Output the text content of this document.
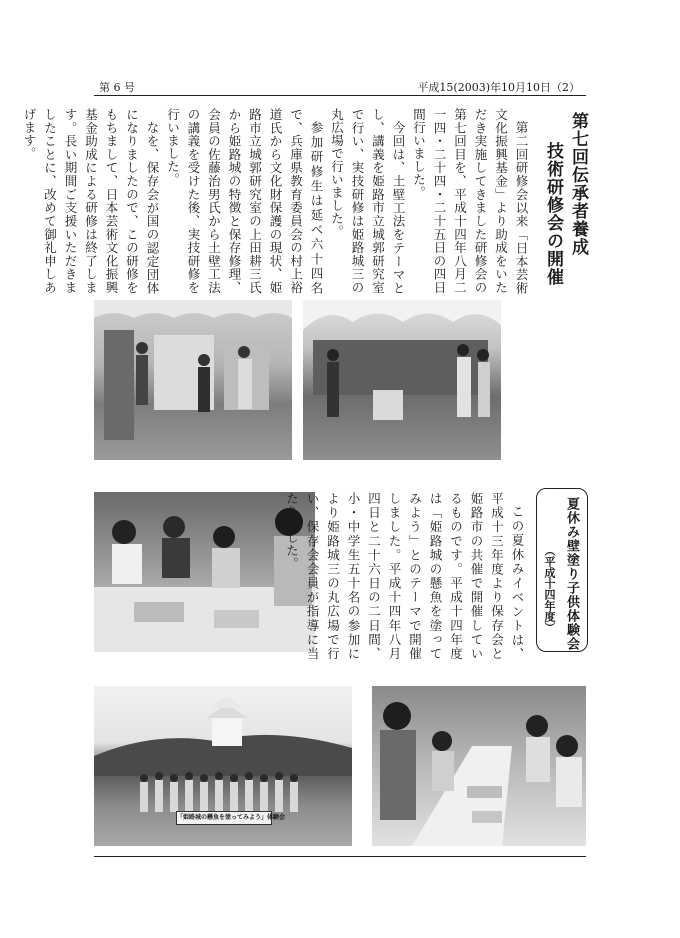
第 6 号	平成15(2003)年10月10日（2）
第七回伝承者養成
技術研修会の開催

第二回研修会以来「日本芸術文化振興基金」より助成をいただき実施してきました研修会の第七回目を、平成十四年八月二一四・二十四・二十五日の四日間行いました。

今回は、土壁工法をテーマとし、講義を姫路市立城郭研究室で行い、実技研修は姫路城三の丸広場で行いました。

参加研修生は延べ六十四名で、兵庫県教育委員会の村上裕道氏から文化財保護の現状、姫路市立城郭研究室の上田耕三氏から姫路城の特徴と保存修理、会員の佐藤治男氏から土壁工法の講義を受けた後、実技研修を行いました。

なを、保存会が国の認定団体になりましたので、この研修をもちまして、日本芸術文化振興基金助成による研修は終了します。長い期間ご支援いただきましたことに、改めて御礼申しあげます。

夏休み壁塗り子供体験会
（平成十四年度）

この夏休みイベントは、平成十三年度より保存会と姫路市の共催で開催しているものです。平成十四年度は「姫路城の懸魚を塗ってみよう」とのテーマで開催しました。平成十四年八月四日と二十六日の二日間、小・中学生五十名の参加により姫路城三の丸広場で行い、保存会会員が指導に当たりました。

「姫路城の懸魚を塗ってみよう」体験会
